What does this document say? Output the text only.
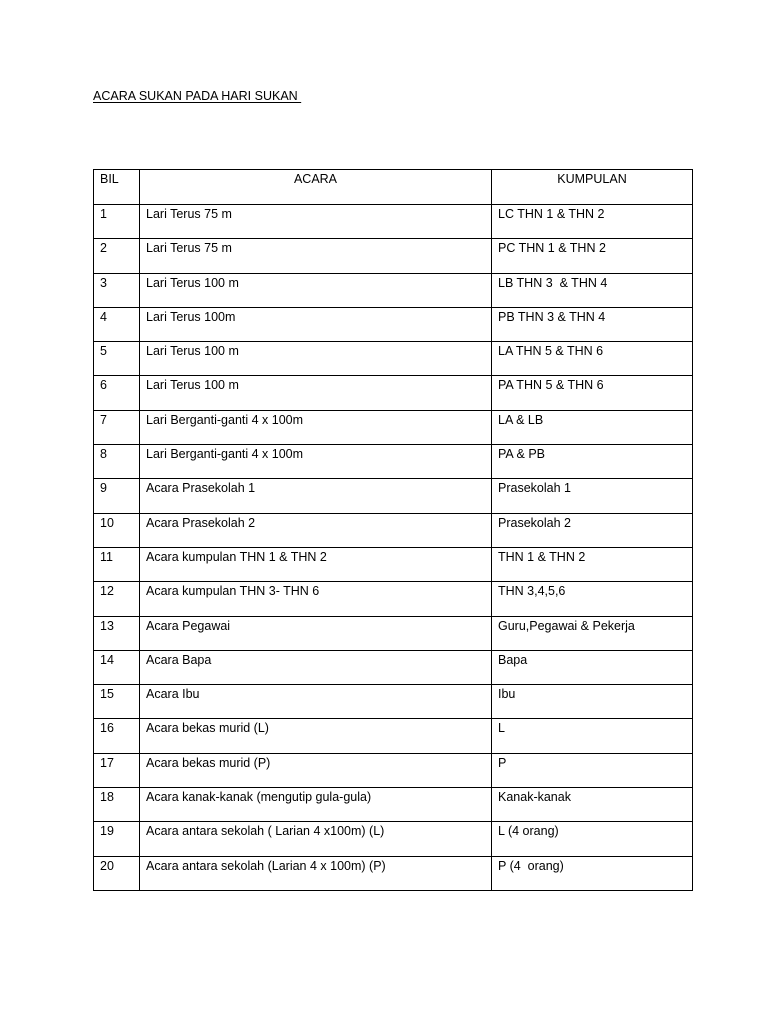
ACARA SUKAN PADA HARI SUKAN
BIL	ACARA	KUMPULAN
1	Lari Terus 75 m	LC THN 1 & THN 2
2	Lari Terus 75 m	PC THN 1 & THN 2
3	Lari Terus 100 m	LB THN 3  & THN 4
4	Lari Terus 100m	PB THN 3 & THN 4
5	Lari Terus 100 m	LA THN 5 & THN 6
6	Lari Terus 100 m	PA THN 5 & THN 6
7	Lari Berganti-ganti 4 x 100m	LA & LB
8	Lari Berganti-ganti 4 x 100m	PA & PB
9	Acara Prasekolah 1	Prasekolah 1
10	Acara Prasekolah 2	Prasekolah 2
11	Acara kumpulan THN 1 & THN 2	THN 1 & THN 2
12	Acara kumpulan THN 3- THN 6	THN 3,4,5,6
13	Acara Pegawai	Guru,Pegawai & Pekerja
14	Acara Bapa	Bapa
15	Acara Ibu	Ibu
16	Acara bekas murid (L)	L
17	Acara bekas murid (P)	P
18	Acara kanak-kanak (mengutip gula-gula)	Kanak-kanak
19	Acara antara sekolah ( Larian 4 x100m) (L)	L (4 orang)
20	Acara antara sekolah (Larian 4 x 100m) (P)	P (4  orang)
